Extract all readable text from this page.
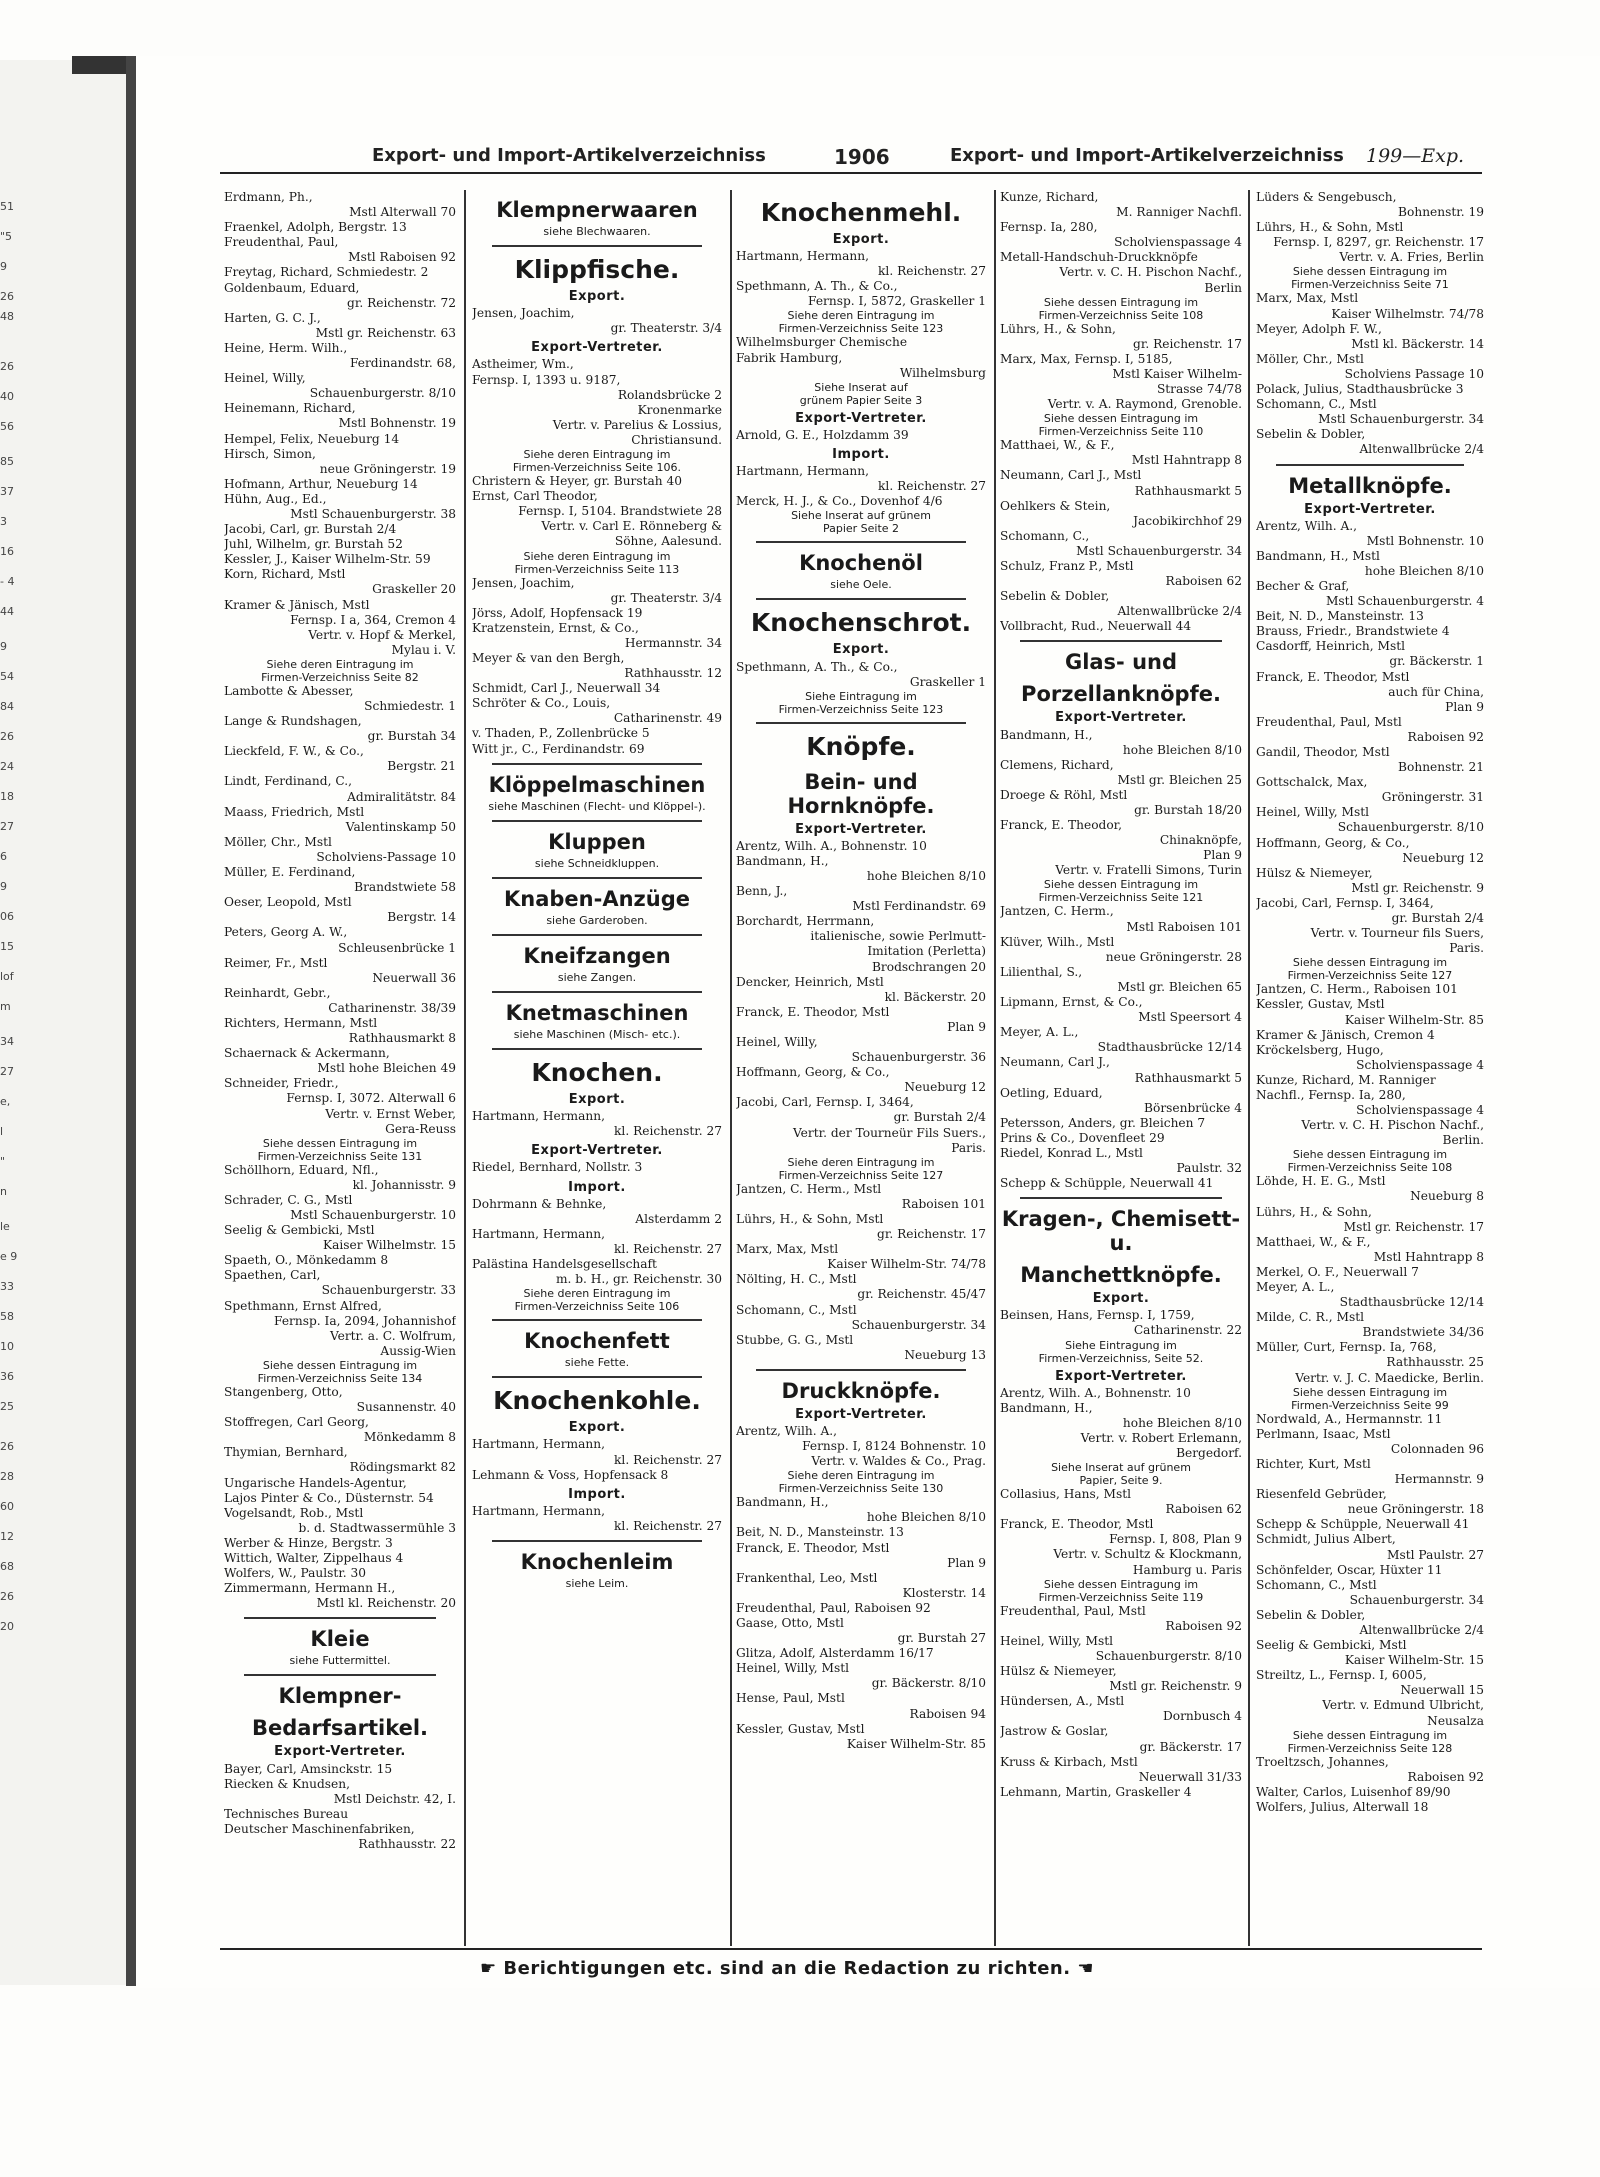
51
"5
9
26
48
26
40
56
85
37
3
16
- 4
44
9
54
84
26
24
18
27
6
9
06
15
lof
m
34
27
e,
l
"
n
le
e 9
33
58
10
36
25
26
28
60
12
68
26
20
Export- und Import-Artikelverzeichniss	1906	Export- und Import-Artikelverzeichniss 199—Exp.
Erdmann, Ph.,
Mstl Alterwall 70
Fraenkel, Adolph, Bergstr. 13
Freudenthal, Paul,
Mstl Raboisen 92
Freytag, Richard, Schmiedestr. 2
Goldenbaum, Eduard,
gr. Reichenstr. 72
Harten, G. C. J.,
Mstl gr. Reichenstr. 63
Heine, Herm. Wilh.,
Ferdinandstr. 68,
Heinel, Willy,
Schauenburgerstr. 8/10
Heinemann, Richard,
Mstl Bohnenstr. 19
Hempel, Felix, Neueburg 14
Hirsch, Simon,
neue Gröningerstr. 19
Hofmann, Arthur, Neueburg 14
Hühn, Aug., Ed.,
Mstl Schauenburgerstr. 38
Jacobi, Carl, gr. Burstah 2/4
Juhl, Wilhelm, gr. Burstah 52
Kessler, J., Kaiser Wilhelm-Str. 59
Korn, Richard, Mstl
Graskeller 20
Kramer & Jänisch, Mstl
Fernsp. I a, 364, Cremon 4
Vertr. v. Hopf & Merkel,
Mylau i. V.
Siehe deren Eintragung im
Firmen-Verzeichniss Seite 82
Lambotte & Abesser,
Schmiedestr. 1
Lange & Rundshagen,
gr. Burstah 34
Lieckfeld, F. W., & Co.,
Bergstr. 21
Lindt, Ferdinand, C.,
Admiralitätstr. 84
Maass, Friedrich, Mstl
Valentinskamp 50
Möller, Chr., Mstl
Scholviens-Passage 10
Müller, E. Ferdinand,
Brandstwiete 58
Oeser, Leopold, Mstl
Bergstr. 14
Peters, Georg A. W.,
Schleusenbrücke 1
Reimer, Fr., Mstl
Neuerwall 36
Reinhardt, Gebr.,
Catharinenstr. 38/39
Richters, Hermann, Mstl
Rathhausmarkt 8
Schaernack & Ackermann,
Mstl hohe Bleichen 49
Schneider, Friedr.,
Fernsp. I, 3072. Alterwall 6
Vertr. v. Ernst Weber,
Gera-Reuss
Siehe dessen Eintragung im
Firmen-Verzeichniss Seite 131
Schöllhorn, Eduard, Nfl.,
kl. Johannisstr. 9
Schrader, C. G., Mstl
Mstl Schauenburgerstr. 10
Seelig & Gembicki, Mstl
Kaiser Wilhelmstr. 15
Spaeth, O., Mönkedamm 8
Spaethen, Carl,
Schauenburgerstr. 33
Spethmann, Ernst Alfred,
Fernsp. Ia, 2094, Johannishof
Vertr. a. C. Wolfrum,
Aussig-Wien
Siehe dessen Eintragung im
Firmen-Verzeichniss Seite 134
Stangenberg, Otto,
Susannenstr. 40
Stoffregen, Carl Georg,
Mönkedamm 8
Thymian, Bernhard,
Rödingsmarkt 82
Ungarische Handels-Agentur,
Lajos Pinter & Co., Düsternstr. 54
Vogelsandt, Rob., Mstl
b. d. Stadtwassermühle 3
Werber & Hinze, Bergstr. 3
Wittich, Walter, Zippelhaus 4
Wolfers, W., Paulstr. 30
Zimmermann, Hermann H.,
Mstl kl. Reichenstr. 20
Kleie
siehe Futtermittel.
Klempner-
Bedarfsartikel.
Export-Vertreter.
Bayer, Carl, Amsinckstr. 15
Riecken & Knudsen,
Mstl Deichstr. 42, I.
Technisches Bureau
Deutscher Maschinenfabriken,
Rathhausstr. 22
Klempnerwaaren
siehe Blechwaaren.
Klippfische.
Export.
Jensen, Joachim,
gr. Theaterstr. 3/4
Export-Vertreter.
Astheimer, Wm.,
Fernsp. I, 1393 u. 9187,
Rolandsbrücke 2
Kronenmarke
Vertr. v. Parelius & Lossius,
Christiansund.
Siehe deren Eintragung im
Firmen-Verzeichniss Seite 106.
Christern & Heyer, gr. Burstah 40
Ernst, Carl Theodor,
Fernsp. I, 5104. Brandstwiete 28
Vertr. v. Carl E. Rönneberg &
Söhne, Aalesund.
Siehe deren Eintragung im
Firmen-Verzeichniss Seite 113
Jensen, Joachim,
gr. Theaterstr. 3/4
Jörss, Adolf, Hopfensack 19
Kratzenstein, Ernst, & Co.,
Hermannstr. 34
Meyer & van den Bergh,
Rathhausstr. 12
Schmidt, Carl J., Neuerwall 34
Schröter & Co., Louis,
Catharinenstr. 49
v. Thaden, P., Zollenbrücke 5
Witt jr., C., Ferdinandstr. 69
Klöppelmaschinen
siehe Maschinen (Flecht- und Klöppel-).
Kluppen
siehe Schneidkluppen.
Knaben-Anzüge
siehe Garderoben.
Kneifzangen
siehe Zangen.
Knetmaschinen
siehe Maschinen (Misch- etc.).
Knochen.
Export.
Hartmann, Hermann,
kl. Reichenstr. 27
Export-Vertreter.
Riedel, Bernhard, Nollstr. 3
Import.
Dohrmann & Behnke,
Alsterdamm 2
Hartmann, Hermann,
kl. Reichenstr. 27
Palästina Handelsgesellschaft
m. b. H., gr. Reichenstr. 30
Siehe deren Eintragung im
Firmen-Verzeichniss Seite 106
Knochenfett
siehe Fette.
Knochenkohle.
Export.
Hartmann, Hermann,
kl. Reichenstr. 27
Lehmann & Voss, Hopfensack 8
Import.
Hartmann, Hermann,
kl. Reichenstr. 27
Knochenleim
siehe Leim.
Knochenmehl.
Export.
Hartmann, Hermann,
kl. Reichenstr. 27
Spethmann, A. Th., & Co.,
Fernsp. I, 5872, Graskeller 1
Siehe deren Eintragung im
Firmen-Verzeichniss Seite 123
Wilhelmsburger Chemische
Fabrik Hamburg,
Wilhelmsburg
Siehe Inserat auf
grünem Papier Seite 3
Export-Vertreter.
Arnold, G. E., Holzdamm 39
Import.
Hartmann, Hermann,
kl. Reichenstr. 27
Merck, H. J., & Co., Dovenhof 4/6
Siehe Inserat auf grünem
Papier Seite 2
Knochenöl
siehe Oele.
Knochenschrot.
Export.
Spethmann, A. Th., & Co.,
Graskeller 1
Siehe Eintragung im
Firmen-Verzeichniss Seite 123
Knöpfe.
Bein- und Hornknöpfe.
Export-Vertreter.
Arentz, Wilh. A., Bohnenstr. 10
Bandmann, H.,
hohe Bleichen 8/10
Benn, J.,
Mstl Ferdinandstr. 69
Borchardt, Herrmann,
italienische, sowie Perlmutt-
Imitation (Perletta)
Brodschrangen 20
Dencker, Heinrich, Mstl
kl. Bäckerstr. 20
Franck, E. Theodor, Mstl
Plan 9
Heinel, Willy,
Schauenburgerstr. 36
Hoffmann, Georg, & Co.,
Neueburg 12
Jacobi, Carl, Fernsp. I, 3464,
gr. Burstah 2/4
Vertr. der Tourneür Fils Suers.,
Paris.
Siehe deren Eintragung im
Firmen-Verzeichniss Seite 127
Jantzen, C. Herm., Mstl
Raboisen 101
Lührs, H., & Sohn, Mstl
gr. Reichenstr. 17
Marx, Max, Mstl
Kaiser Wilhelm-Str. 74/78
Nölting, H. C., Mstl
gr. Reichenstr. 45/47
Schomann, C., Mstl
Schauenburgerstr. 34
Stubbe, G. G., Mstl
Neueburg 13
Druckknöpfe.
Export-Vertreter.
Arentz, Wilh. A.,
Fernsp. I, 8124 Bohnenstr. 10
Vertr. v. Waldes & Co., Prag.
Siehe deren Eintragung im
Firmen-Verzeichniss Seite 130
Bandmann, H.,
hohe Bleichen 8/10
Beit, N. D., Mansteinstr. 13
Franck, E. Theodor, Mstl
Plan 9
Frankenthal, Leo, Mstl
Klosterstr. 14
Freudenthal, Paul, Raboisen 92
Gaase, Otto, Mstl
gr. Burstah 27
Glitza, Adolf, Alsterdamm 16/17
Heinel, Willy, Mstl
gr. Bäckerstr. 8/10
Hense, Paul, Mstl
Raboisen 94
Kessler, Gustav, Mstl
Kaiser Wilhelm-Str. 85
Kunze, Richard,
M. Ranniger Nachfl.
Fernsp. Ia, 280,
Scholvienspassage 4
Metall-Handschuh-Druckknöpfe
Vertr. v. C. H. Pischon Nachf.,
Berlin
Siehe dessen Eintragung im
Firmen-Verzeichniss Seite 108
Lührs, H., & Sohn,
gr. Reichenstr. 17
Marx, Max, Fernsp. I, 5185,
Mstl Kaiser Wilhelm-
Strasse 74/78
Vertr. v. A. Raymond, Grenoble.
Siehe dessen Eintragung im
Firmen-Verzeichniss Seite 110
Matthaei, W., & F.,
Mstl Hahntrapp 8
Neumann, Carl J., Mstl
Rathhausmarkt 5
Oehlkers & Stein,
Jacobikirchhof 29
Schomann, C.,
Mstl Schauenburgerstr. 34
Schulz, Franz P., Mstl
Raboisen 62
Sebelin & Dobler,
Altenwallbrücke 2/4
Vollbracht, Rud., Neuerwall 44
Glas- und
Porzellanknöpfe.
Export-Vertreter.
Bandmann, H.,
hohe Bleichen 8/10
Clemens, Richard,
Mstl gr. Bleichen 25
Droege & Röhl, Mstl
gr. Burstah 18/20
Franck, E. Theodor,
Chinaknöpfe,
Plan 9
Vertr. v. Fratelli Simons, Turin
Siehe dessen Eintragung im
Firmen-Verzeichniss Seite 121
Jantzen, C. Herm.,
Mstl Raboisen 101
Klüver, Wilh., Mstl
neue Gröningerstr. 28
Lilienthal, S.,
Mstl gr. Bleichen 65
Lipmann, Ernst, & Co.,
Mstl Speersort 4
Meyer, A. L.,
Stadthausbrücke 12/14
Neumann, Carl J.,
Rathhausmarkt 5
Oetling, Eduard,
Börsenbrücke 4
Petersson, Anders, gr. Bleichen 7
Prins & Co., Dovenfleet 29
Riedel, Konrad L., Mstl
Paulstr. 32
Schepp & Schüpple, Neuerwall 41
Kragen-, Chemisett- u.
Manchettknöpfe.
Export.
Beinsen, Hans, Fernsp. I, 1759,
Catharinenstr. 22
Siehe Eintragung im
Firmen-Verzeichniss, Seite 52.
Export-Vertreter.
Arentz, Wilh. A., Bohnenstr. 10
Bandmann, H.,
hohe Bleichen 8/10
Vertr. v. Robert Erlemann,
Bergedorf.
Siehe Inserat auf grünem
Papier, Seite 9.
Collasius, Hans, Mstl
Raboisen 62
Franck, E. Theodor, Mstl
Fernsp. I, 808, Plan 9
Vertr. v. Schultz & Klockmann,
Hamburg u. Paris
Siehe dessen Eintragung im
Firmen-Verzeichniss Seite 119
Freudenthal, Paul, Mstl
Raboisen 92
Heinel, Willy, Mstl
Schauenburgerstr. 8/10
Hülsz & Niemeyer,
Mstl gr. Reichenstr. 9
Hündersen, A., Mstl
Dornbusch 4
Jastrow & Goslar,
gr. Bäckerstr. 17
Kruss & Kirbach, Mstl
Neuerwall 31/33
Lehmann, Martin, Graskeller 4
Lüders & Sengebusch,
Bohnenstr. 19
Lührs, H., & Sohn, Mstl
Fernsp. I, 8297, gr. Reichenstr. 17
Vertr. v. A. Fries, Berlin
Siehe dessen Eintragung im
Firmen-Verzeichniss Seite 71
Marx, Max, Mstl
Kaiser Wilhelmstr. 74/78
Meyer, Adolph F. W.,
Mstl kl. Bäckerstr. 14
Möller, Chr., Mstl
Scholviens Passage 10
Polack, Julius, Stadthausbrücke 3
Schomann, C., Mstl
Mstl Schauenburgerstr. 34
Sebelin & Dobler,
Altenwallbrücke 2/4
Metallknöpfe.
Export-Vertreter.
Arentz, Wilh. A.,
Mstl Bohnenstr. 10
Bandmann, H., Mstl
hohe Bleichen 8/10
Becher & Graf,
Mstl Schauenburgerstr. 4
Beit, N. D., Mansteinstr. 13
Brauss, Friedr., Brandstwiete 4
Casdorff, Heinrich, Mstl
gr. Bäckerstr. 1
Franck, E. Theodor, Mstl
auch für China,
Plan 9
Freudenthal, Paul, Mstl
Raboisen 92
Gandil, Theodor, Mstl
Bohnenstr. 21
Gottschalck, Max,
Gröningerstr. 31
Heinel, Willy, Mstl
Schauenburgerstr. 8/10
Hoffmann, Georg, & Co.,
Neueburg 12
Hülsz & Niemeyer,
Mstl gr. Reichenstr. 9
Jacobi, Carl, Fernsp. I, 3464,
gr. Burstah 2/4
Vertr. v. Tourneur fils Suers,
Paris.
Siehe dessen Eintragung im
Firmen-Verzeichniss Seite 127
Jantzen, C. Herm., Raboisen 101
Kessler, Gustav, Mstl
Kaiser Wilhelm-Str. 85
Kramer & Jänisch, Cremon 4
Kröckelsberg, Hugo,
Scholvienspassage 4
Kunze, Richard, M. Ranniger
Nachfl., Fernsp. Ia, 280,
Scholvienspassage 4
Vertr. v. C. H. Pischon Nachf.,
Berlin.
Siehe dessen Eintragung im
Firmen-Verzeichniss Seite 108
Löhde, H. E. G., Mstl
Neueburg 8
Lührs, H., & Sohn,
Mstl gr. Reichenstr. 17
Matthaei, W., & F.,
Mstl Hahntrapp 8
Merkel, O. F., Neuerwall 7
Meyer, A. L.,
Stadthausbrücke 12/14
Milde, C. R., Mstl
Brandstwiete 34/36
Müller, Curt, Fernsp. Ia, 768,
Rathhausstr. 25
Vertr. v. J. C. Maedicke, Berlin.
Siehe dessen Eintragung im
Firmen-Verzeichniss Seite 99
Nordwald, A., Hermannstr. 11
Perlmann, Isaac, Mstl
Colonnaden 96
Richter, Kurt, Mstl
Hermannstr. 9
Riesenfeld Gebrüder,
neue Gröningerstr. 18
Schepp & Schüpple, Neuerwall 41
Schmidt, Julius Albert,
Mstl Paulstr. 27
Schönfelder, Oscar, Hüxter 11
Schomann, C., Mstl
Schauenburgerstr. 34
Sebelin & Dobler,
Altenwallbrücke 2/4
Seelig & Gembicki, Mstl
Kaiser Wilhelm-Str. 15
Streiltz, L., Fernsp. I, 6005,
Neuerwall 15
Vertr. v. Edmund Ulbricht,
Neusalza
Siehe dessen Eintragung im
Firmen-Verzeichniss Seite 128
Troeltzsch, Johannes,
Raboisen 92
Walter, Carlos, Luisenhof 89/90
Wolfers, Julius, Alterwall 18
☛ Berichtigungen etc. sind an die Redaction zu richten. ☚
